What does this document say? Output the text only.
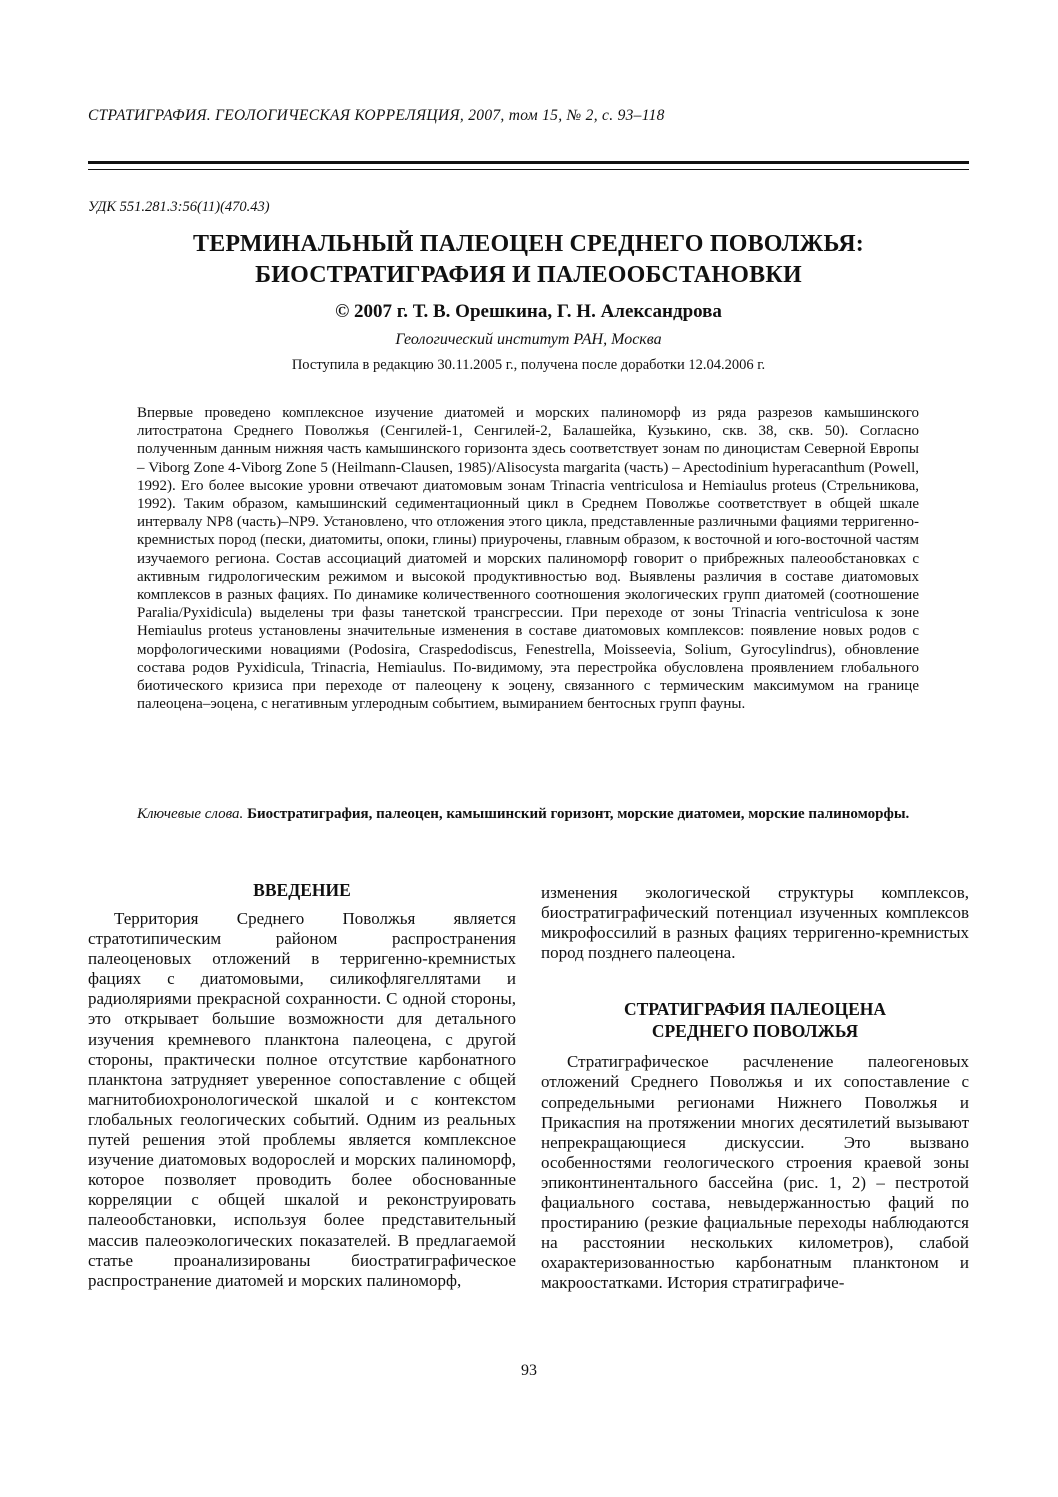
СТРАТИГРАФИЯ. ГЕОЛОГИЧЕСКАЯ КОРРЕЛЯЦИЯ, 2007, том 15, № 2, с. 93–118
УДК 551.281.3:56(11)(470.43)
ТЕРМИНАЛЬНЫЙ ПАЛЕОЦЕН СРЕДНЕГО ПОВОЛЖЬЯ:
БИОСТРАТИГРАФИЯ И ПАЛЕООБСТАНОВКИ
© 2007 г. Т. В. Орешкина, Г. Н. Александрова
Геологический институт РАН, Москва
Поступила в редакцию 30.11.2005 г., получена после доработки 12.04.2006 г.
Впервые проведено комплексное изучение диатомей и морских палиноморф из ряда разрезов камышинского литостратона Среднего Поволжья (Сенгилей-1, Сенгилей-2, Балашейка, Кузькино, скв. 38, скв. 50). Согласно полученным данным нижняя часть камышинского горизонта здесь соответствует зонам по диноцистам Северной Европы – Viborg Zone 4-Viborg Zone 5 (Heilmann-Clausen, 1985)/Alisocysta margarita (часть) – Apectodinium hyperacanthum (Powell, 1992). Его более высокие уровни отвечают диатомовым зонам Trinacria ventriculosa и Hemiaulus proteus (Стрельникова, 1992). Таким образом, камышинский седиментационный цикл в Среднем Поволжье соответствует в общей шкале интервалу NP8 (часть)–NP9. Установлено, что отложения этого цикла, представленные различными фациями терригенно-кремнистых пород (пески, диатомиты, опоки, глины) приурочены, главным образом, к восточной и юго-восточной частям изучаемого региона. Состав ассоциаций диатомей и морских палиноморф говорит о прибрежных палеообстановках с активным гидрологическим режимом и высокой продуктивностью вод. Выявлены различия в составе диатомовых комплексов в разных фациях. По динамике количественного соотношения экологических групп диатомей (соотношение Paralia/Pyxidicula) выделены три фазы танетской трансгрессии. При переходе от зоны Trinacria ventriculosa к зоне Hemiaulus proteus установлены значительные изменения в составе диатомовых комплексов: появление новых родов с морфологическими новациями (Podosira, Craspedodiscus, Fenestrella, Moisseevia, Solium, Gyrocylindrus), обновление состава родов Pyxidicula, Trinacria, Hemiaulus. По-видимому, эта перестройка обусловлена проявлением глобального биотического кризиса при переходе от палеоцену к эоцену, связанного с термическим максимумом на границе палеоцена–эоцена, с негативным углеродным событием, вымиранием бентосных групп фауны.
Ключевые слова. Биостратиграфия, палеоцен, камышинский горизонт, морские диатомеи, морские палиноморфы.
ВВЕДЕНИЕ

Территория Среднего Поволжья является стратотипическим районом распространения палеоценовых отложений в терригенно-кремнистых фациях с диатомовыми, силикофлягеллятами и радиоляриями прекрасной сохранности. С одной стороны, это открывает большие возможности для детального изучения кремневого планктона палеоцена, с другой стороны, практически полное отсутствие карбонатного планктона затрудняет уверенное сопоставление с общей магнитобиохронологической шкалой и с контекстом глобальных геологических событий. Одним из реальных путей решения этой проблемы является комплексное изучение диатомовых водорослей и морских палиноморф, которое позволяет проводить более обоснованные корреляции с общей шкалой и реконструировать палеообстановки, используя более представительный массив палеоэкологических показателей. В предлагаемой статье проанализированы биостратиграфическое распространение диатомей и морских палиноморф,

изменения экологической структуры комплексов, биостратиграфический потенциал изученных комплексов микрофоссилий в разных фациях терригенно-кремнистых пород позднего палеоцена.

СТРАТИГРАФИЯ ПАЛЕОЦЕНА
СРЕДНЕГО ПОВОЛЖЬЯ

Стратиграфическое расчленение палеогеновых отложений Среднего Поволжья и их сопоставление с сопредельными регионами Нижнего Поволжья и Прикаспия на протяжении многих десятилетий вызывают непрекращающиеся дискуссии. Это вызвано особенностями геологического строения краевой зоны эпиконтинентального бассейна (рис. 1, 2) – пестротой фациального состава, невыдержанностью фаций по простиранию (резкие фациальные переходы наблюдаются на расстоянии нескольких километров), слабой охарактеризованностью карбонатным планктоном и макроостатками. История стратиграфиче-

93
